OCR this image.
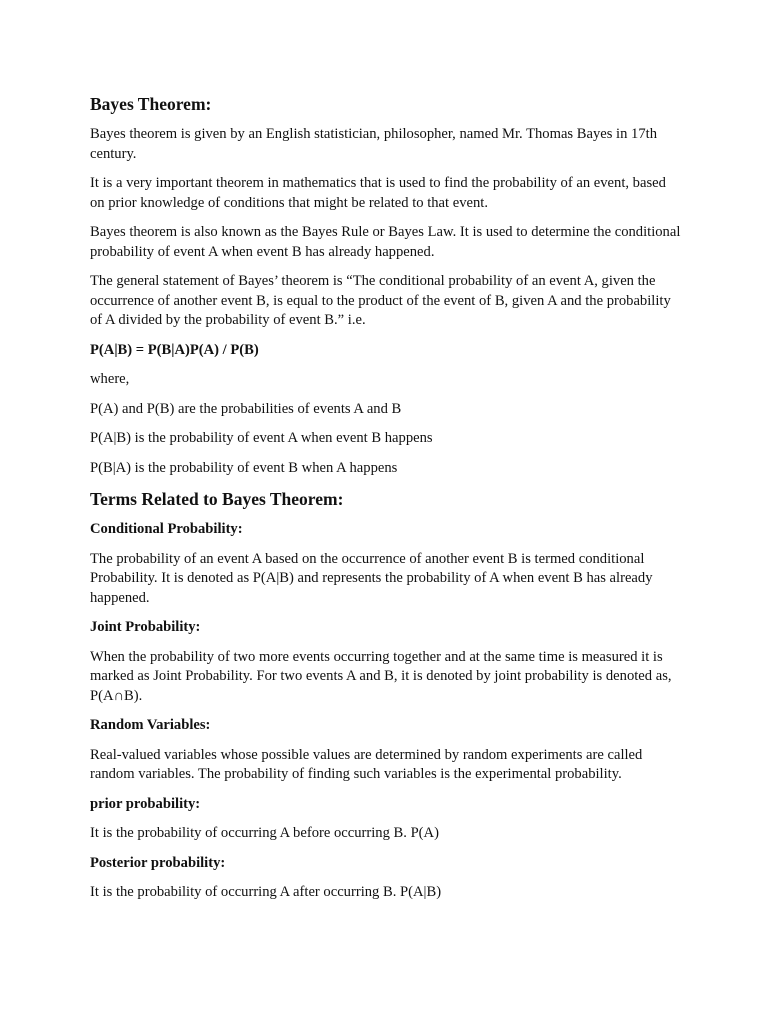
Bayes Theorem:

Bayes theorem is given by an English statistician, philosopher, named Mr. Thomas Bayes in 17th century.

It is a very important theorem in mathematics that is used to find the probability of an event, based on prior knowledge of conditions that might be related to that event.

Bayes theorem is also known as the Bayes Rule or Bayes Law. It is used to determine the conditional probability of event A when event B has already happened.

The general statement of Bayes’ theorem is “The conditional probability of an event A, given the occurrence of another event B, is equal to the product of the event of B, given A and the probability of A divided by the probability of event B.” i.e.

P(A|B) = P(B|A)P(A) / P(B)

where,

P(A) and P(B) are the probabilities of events A and B

P(A|B) is the probability of event A when event B happens

P(B|A) is the probability of event B when A happens

Terms Related to Bayes Theorem:

Conditional Probability:

The probability of an event A based on the occurrence of another event B is termed conditional Probability. It is denoted as P(A|B) and represents the probability of A when event B has already happened.

Joint Probability:

When the probability of two more events occurring together and at the same time is measured it is marked as Joint Probability. For two events A and B, it is denoted by joint probability is denoted as, P(A∩B).

Random Variables:

Real-valued variables whose possible values are determined by random experiments are called random variables. The probability of finding such variables is the experimental probability.

prior probability:

It is the probability of occurring A before occurring B. P(A)

Posterior probability:

It is the probability of occurring A after occurring B. P(A|B)
